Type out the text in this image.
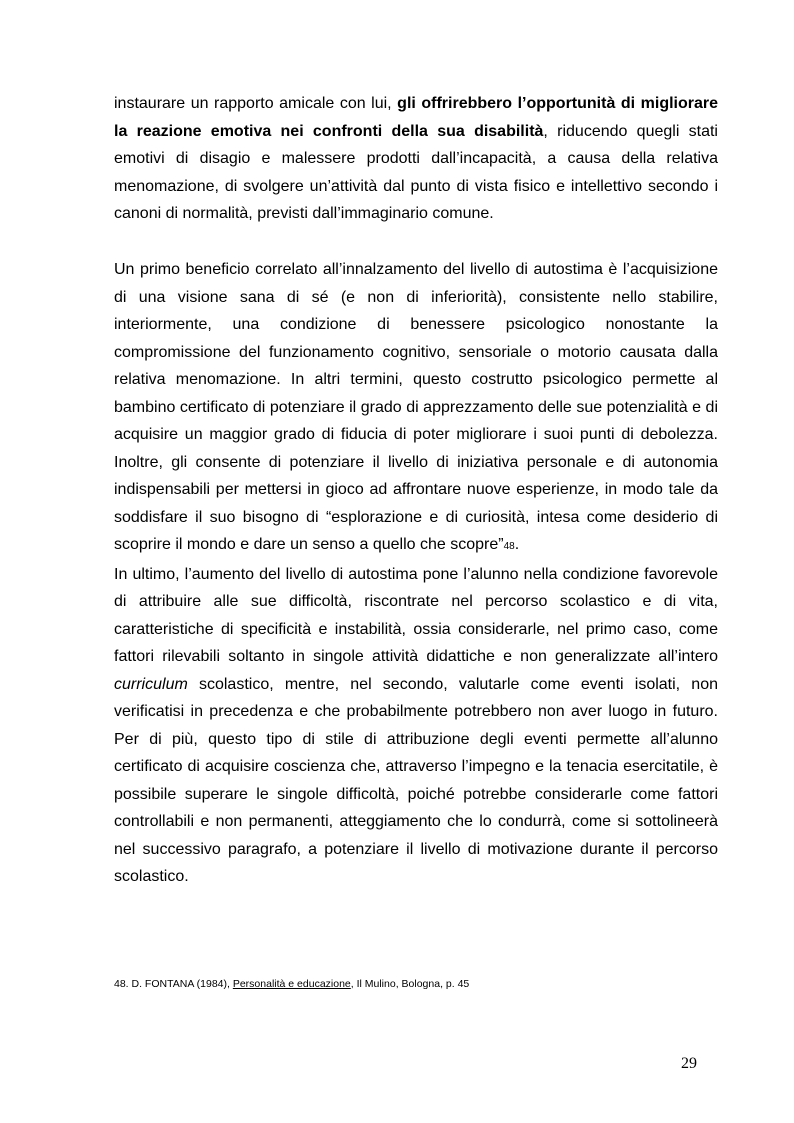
instaurare un rapporto amicale con lui, gli offrirebbero l’opportunità di migliorare la reazione emotiva nei confronti della sua disabilità, riducendo quegli stati emotivi di disagio e malessere prodotti dall’incapacità, a causa della relativa menomazione, di svolgere un’attività dal punto di vista fisico e intellettivo secondo i canoni di normalità, previsti dall’immaginario comune.

Un primo beneficio correlato all’innalzamento del livello di autostima è l’acquisizione di una visione sana di sé (e non di inferiorità), consistente nello stabilire, interiormente, una condizione di benessere psicologico nonostante la compromissione del funzionamento cognitivo, sensoriale o motorio causata dalla relativa menomazione. In altri termini, questo costrutto psicologico permette al bambino certificato di potenziare il grado di apprezzamento delle sue potenzialità e di acquisire un maggior grado di fiducia di poter migliorare i suoi punti di debolezza. Inoltre, gli consente di potenziare il livello di iniziativa personale e di autonomia indispensabili per mettersi in gioco ad affrontare nuove esperienze, in modo tale da soddisfare il suo bisogno di “esplorazione e di curiosità, intesa come desiderio di scoprire il mondo e dare un senso a quello che scopre”48.

In ultimo, l’aumento del livello di autostima pone l’alunno nella condizione favorevole di attribuire alle sue difficoltà, riscontrate nel percorso scolastico e di vita, caratteristiche di specificità e instabilità, ossia considerarle, nel primo caso, come fattori rilevabili soltanto in singole attività didattiche e non generalizzate all’intero curriculum scolastico, mentre, nel secondo, valutarle come eventi isolati, non verificatisi in precedenza e che probabilmente potrebbero non aver luogo in futuro. Per di più, questo tipo di stile di attribuzione degli eventi permette all’alunno certificato di acquisire coscienza che, attraverso l’impegno e la tenacia esercitatile, è possibile superare le singole difficoltà, poiché potrebbe considerarle come fattori controllabili e non permanenti, atteggiamento che lo condurrà, come si sottolineerà nel successivo paragrafo, a potenziare il livello di motivazione durante il percorso scolastico.

48. D. FONTANA (1984), Personalità e educazione, Il Mulino, Bologna, p. 45
29
